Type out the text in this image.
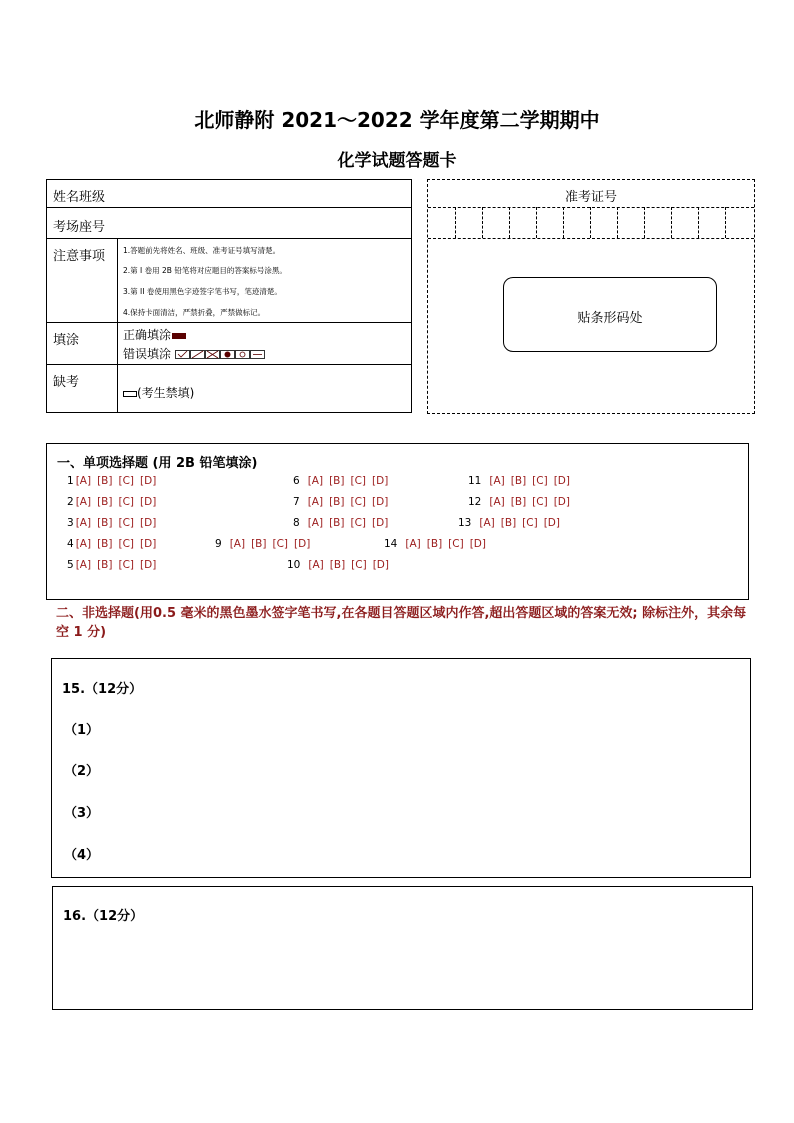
北师静附 2021～2022 学年度第二学期期中
化学试题答题卡
姓名班级
考场座号
注意事项 1.答题前先将姓名、班级、准考证号填写清楚。
2.第 I 卷用 2B 铅笔将对应题目的答案标号涂黑。
3.第 II 卷使用黑色字迹签字笔书写，笔迹清楚。
4.保持卡面清洁，严禁折叠，严禁做标记。
填涂	正确填涂
错误填涂
缺考
(考生禁填)
准考证号
贴条形码处
一、单项选择题 (用 2B 铅笔填涂)
1 [A] [B] [C] [D]
2 [A] [B] [C] [D]
3 [A] [B] [C] [D]
4 [A] [B] [C] [D]
5 [A] [B] [C] [D]
6 [A] [B] [C] [D]
7 [A] [B] [C] [D]
8 [A] [B] [C] [D]
9 [A] [B] [C] [D]
10 [A] [B] [C] [D]
11 [A] [B] [C] [D]
12 [A] [B] [C] [D]
13 [A] [B] [C] [D]
14 [A] [B] [C] [D]
二、非选择题(用0.5 毫米的黑色墨水签字笔书写,在各题目答题区域内作答,超出答题区域的答案无效; 除标注外，其余每空 1 分)
15.（12分）
（1）
（2）
（3）
（4）
16.（12分）
